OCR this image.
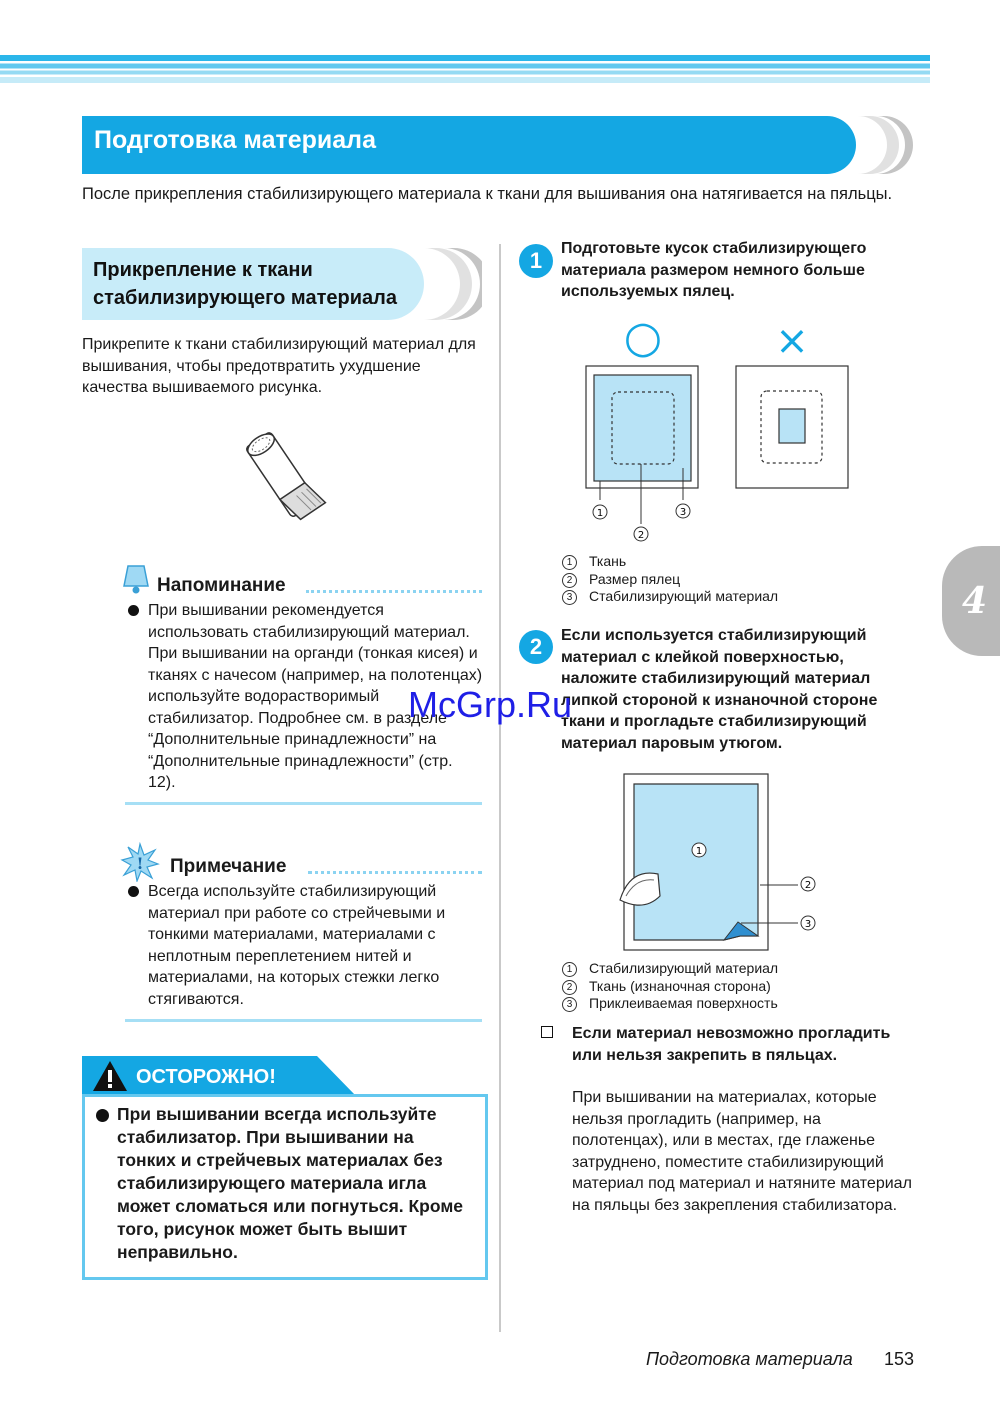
Подготовка материала
После прикрепления стабилизирующего материала к ткани для вышивания она натягивается на пяльцы.
Прикрепление к ткани
стабилизирующего материала
Прикрепите к ткани стабилизирующий материал для вышивания, чтобы предотвратить ухудшение качества вышиваемого рисунка.
Напоминание
При вышивании рекомендуется использовать стабилизирующий материал. При вышивании на органди (тонкая кисея) и тканях с начесом (например, на полотенцах) используйте водорастворимый стабилизатор. Подробнее см. в разделе “Дополнительные принадлежности” на “Дополнительные принадлежности” (стр. 12).
! Примечание
Всегда используйте стабилизирующий материал при работе со стрейчевыми и тонкими материалами, материалами с неплотным переплетением нитей и материалами, на которых стежки легко стягиваются.
ОСТОРОЖНО!
При вышивании всегда используйте стабилизатор. При вышивании на тонких и стрейчевых материалах без стабилизирующего материала игла может сломаться или погнуться. Кроме того, рисунок может быть вышит неправильно.
1	Подготовьте кусок стабилизирующего материала размером немного больше используемых пялец.
○	×
1
2
3
1 Ткань
2 Размер пялец
3 Стабилизирующий материал
2	Если используется стабилизирующий материал с клейкой поверхностью, наложите стабилизирующий материал липкой стороной к изнаночной стороне ткани и прогладьте стабилизирующий материал паровым утюгом.
1
2
3
1 Стабилизирующий материал
2 Ткань (изнаночная сторона)
3 Приклеиваемая поверхность
Если материал невозможно прогладить или нельзя закрепить в пяльцах.
При вышивании на материалах, которые нельзя прогладить (например, на полотенцах), или в местах, где глаженье затруднено, поместите стабилизирующий материал под материал и натяните материал на пяльцы без закрепления стабилизатора.
4
McGrp.Ru
Подготовка материала 153
